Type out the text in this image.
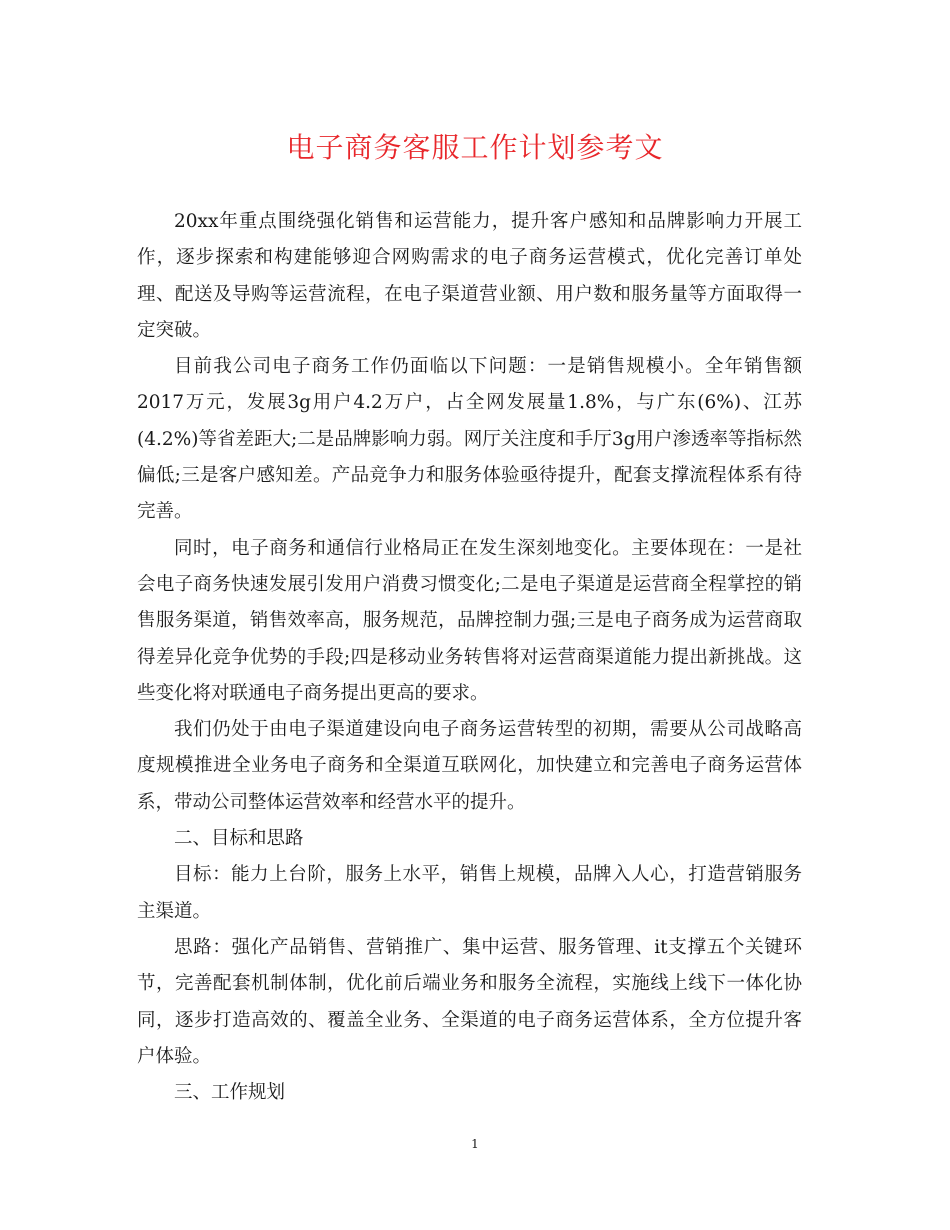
电子商务客服工作计划参考文

20xx年重点围绕强化销售和运营能力，提升客户感知和品牌影响力开展工作，逐步探索和构建能够迎合网购需求的电子商务运营模式，优化完善订单处理、配送及导购等运营流程，在电子渠道营业额、用户数和服务量等方面取得一定突破。

目前我公司电子商务工作仍面临以下问题：一是销售规模小。全年销售额2017万元，发展3g用户4.2万户，占全网发展量1.8%，与广东(6%)、江苏(4.2%)等省差距大;二是品牌影响力弱。网厅关注度和手厅3g用户渗透率等指标然偏低;三是客户感知差。产品竞争力和服务体验亟待提升，配套支撑流程体系有待完善。

同时，电子商务和通信行业格局正在发生深刻地变化。主要体现在：一是社会电子商务快速发展引发用户消费习惯变化;二是电子渠道是运营商全程掌控的销售服务渠道，销售效率高，服务规范，品牌控制力强;三是电子商务成为运营商取得差异化竞争优势的手段;四是移动业务转售将对运营商渠道能力提出新挑战。这些变化将对联通电子商务提出更高的要求。

我们仍处于由电子渠道建设向电子商务运营转型的初期，需要从公司战略高度规模推进全业务电子商务和全渠道互联网化，加快建立和完善电子商务运营体系，带动公司整体运营效率和经营水平的提升。

二、目标和思路

目标：能力上台阶，服务上水平，销售上规模，品牌入人心，打造营销服务主渠道。

思路：强化产品销售、营销推广、集中运营、服务管理、it支撑五个关键环节，完善配套机制体制，优化前后端业务和服务全流程，实施线上线下一体化协同，逐步打造高效的、覆盖全业务、全渠道的电子商务运营体系，全方位提升客户体验。

三、工作规划

1
